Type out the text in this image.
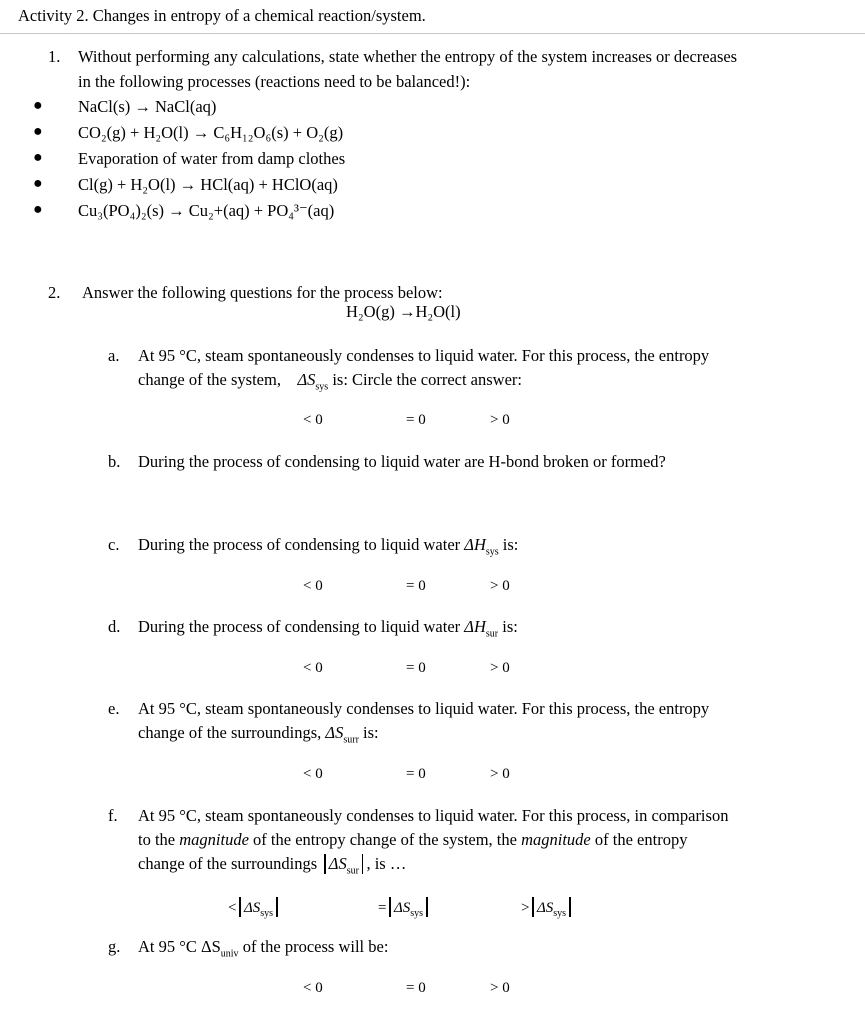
Activity 2. Changes in entropy of a chemical reaction/system.
1. Without performing any calculations, state whether the entropy of the system increases or decreases
in the following processes (reactions need to be balanced!):
● NaCl(s) → NaCl(aq)
● CO₂(g) + H₂O(l) → C₆H₁₂O₆(s) + O₂(g)
● Evaporation of water from damp clothes
● Cl(g) + H₂O(l) → HCl(aq) + HClO(aq)
● Cu₃(PO₄)₂(s) → Cu₂+(aq) + PO₄³⁻(aq)
2. Answer the following questions for the process below:
H₂O(g) →H₂O(l)
a. At 95 °C, steam spontaneously condenses to liquid water. For this process, the entropy
change of the system, $\Delta S_{sys}$ is: Circle the correct answer:
< 0	= 0	> 0
b. During the process of condensing to liquid water are H-bond broken or formed?
c. During the process of condensing to liquid water $\Delta H_{sys}$ is:
< 0	= 0	> 0
d. During the process of condensing to liquid water $\Delta H_{sur}$ is:
< 0	= 0	> 0
e. At 95 °C, steam spontaneously condenses to liquid water. For this process, the entropy
change of the surroundings, $\Delta S_{surr}$ is:
< 0	= 0	> 0
f. At 95 °C, steam spontaneously condenses to liquid water. For this process, in comparison
to the magnitude of the entropy change of the system, the magnitude of the entropy
change of the surroundings $\Delta S_{sur}$ , is …
< $\Delta S_{sys}$	= $\Delta S_{sys}$	> $\Delta S_{sys}$
g. At 95 °C $\Delta S_{univ}$ of the process will be:
< 0	= 0	> 0
